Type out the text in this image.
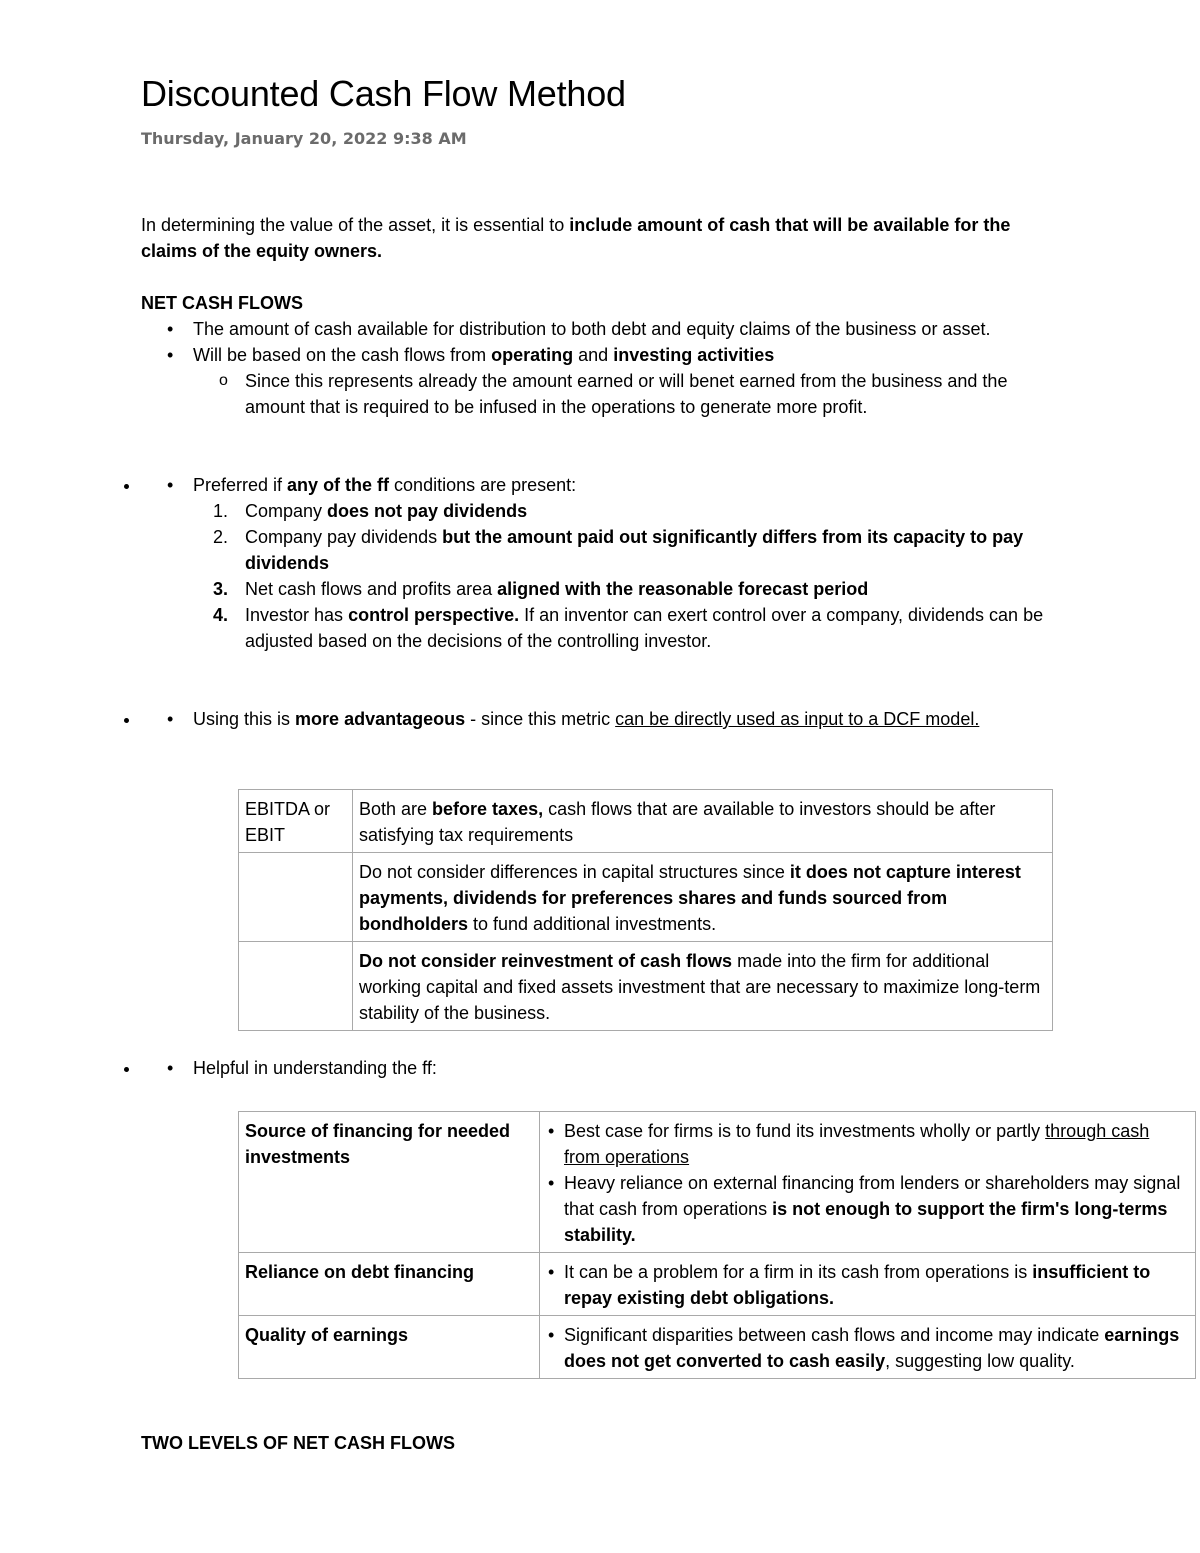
Discounted Cash Flow Method
Thursday, January 20, 2022 9:38 AM

In determining the value of the asset, it is essential to include amount of cash that will be available for the claims of the equity owners.

NET CASH FLOWS

• The amount of cash available for distribution to both debt and equity claims of the business or asset.
• Will be based on the cash flows from operating and investing activities
o Since this represents already the amount earned or will benet earned from the business and the amount that is required to be infused in the operations to generate more profit.
• • Preferred if any of the ff conditions are present:
1. Company does not pay dividends
2. Company pay dividends but the amount paid out significantly differs from its capacity to pay dividends
3. Net cash flows and profits area aligned with the reasonable forecast period
4. Investor has control perspective. If an inventor can exert control over a company, dividends can be adjusted based on the decisions of the controlling investor.
• • Using this is more advantageous - since this metric can be directly used as input to a DCF model.
EBITDA or EBIT	Both are before taxes, cash flows that are available to investors should be after satisfying tax requirements
	Do not consider differences in capital structures since it does not capture interest payments, dividends for preferences shares and funds sourced from bondholders to fund additional investments.
	Do not consider reinvestment of cash flows made into the firm for additional working capital and fixed assets investment that are necessary to maximize long-term stability of the business.
• • Helpful in understanding the ff:
Source of financing for needed investments	• Best case for firms is to fund its investments wholly or partly through cash from operations
• Heavy reliance on external financing from lenders or shareholders may signal that cash from operations is not enough to support the firm's long-terms stability.

Reliance on debt financing	• It can be a problem for a firm in its cash from operations is insufficient to repay existing debt obligations.

Quality of earnings	• Significant disparities between cash flows and income may indicate earnings does not get converted to cash easily, suggesting low quality.

TWO LEVELS OF NET CASH FLOWS
